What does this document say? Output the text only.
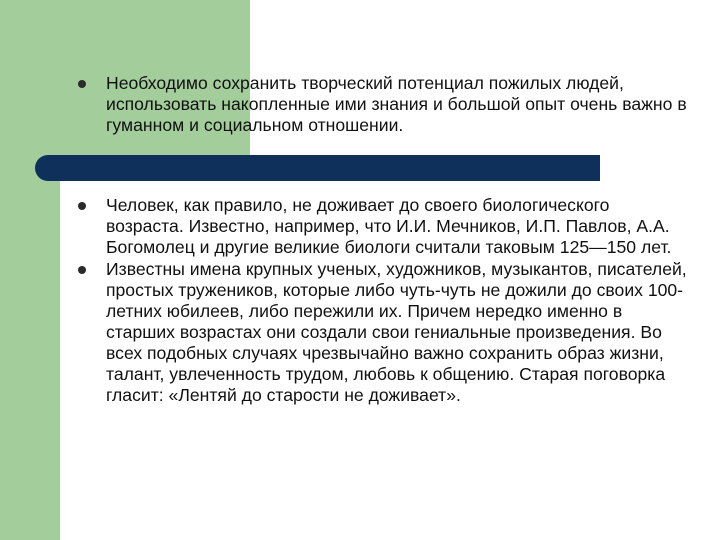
Необходимо сохранить творческий потенциал пожилых людей, использовать накопленные ими знания и большой опыт очень важно в гуманном и социальном отношении.

Человек, как правило, не доживает до своего биологического возраста. Известно, например, что И.И. Мечников, И.П. Павлов, А.А. Богомолец и другие великие биологи считали таковым 125—150 лет.

Известны имена крупных ученых, художников, музыкантов, писателей, простых тружеников, которые либо чуть-чуть не дожили до своих 100-летних юбилеев, либо пережили их. Причем нередко именно в старших возрастах они создали свои гениальные произведения. Во всех подобных случаях чрезвычайно важно сохранить образ жизни, талант, увлеченность трудом, любовь к общению. Старая поговорка гласит: «Лентяй до старости не доживает».
